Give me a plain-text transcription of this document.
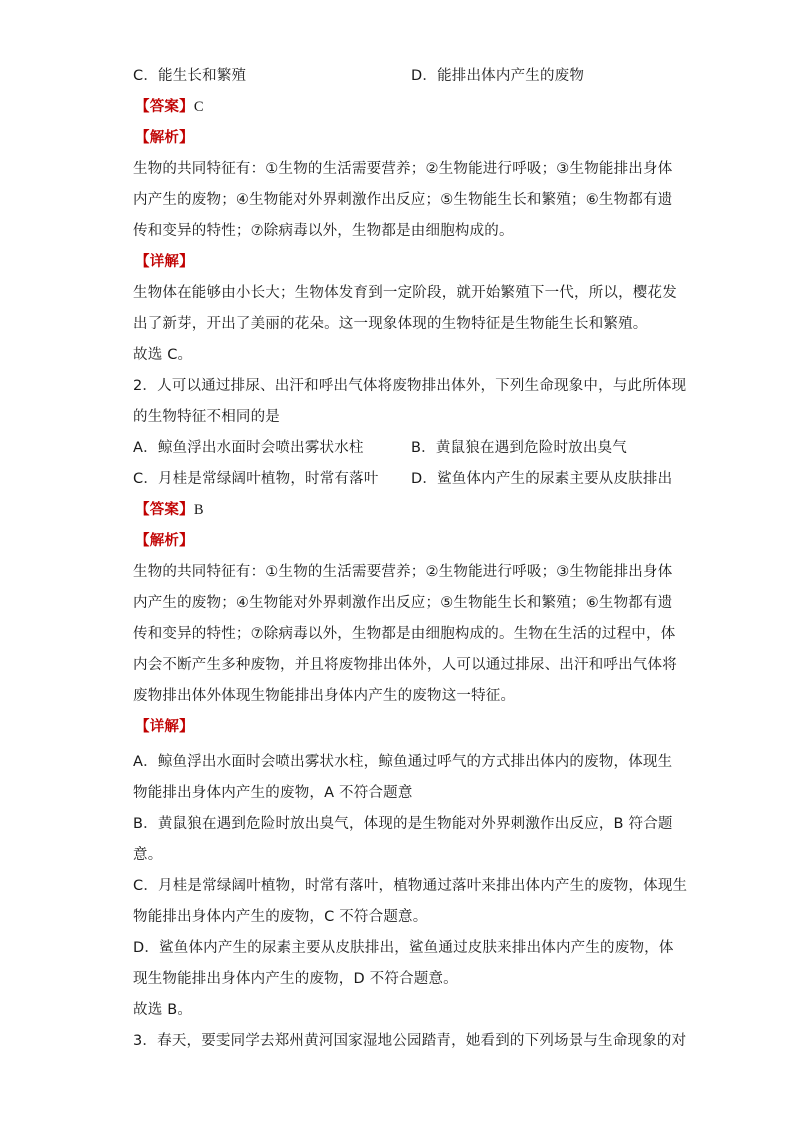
C．能生长和繁殖	D．能排出体内产生的废物
【答案】C
【解析】
生物的共同特征有：①生物的生活需要营养；②生物能进行呼吸；③生物能排出身体
内产生的废物；④生物能对外界刺激作出反应；⑤生物能生长和繁殖；⑥生物都有遗
传和变异的特性；⑦除病毒以外，生物都是由细胞构成的。
【详解】
生物体在能够由小长大；生物体发育到一定阶段，就开始繁殖下一代，所以，樱花发
出了新芽，开出了美丽的花朵。这一现象体现的生物特征是生物能生长和繁殖。
故选 C。
2．人可以通过排尿、出汗和呼出气体将废物排出体外，下列生命现象中，与此所体现
的生物特征不相同的是
A．鲸鱼浮出水面时会喷出雾状水柱	B．黄鼠狼在遇到危险时放出臭气
C．月桂是常绿阔叶植物，时常有落叶 D．鲨鱼体内产生的尿素主要从皮肤排出
【答案】B
【解析】
生物的共同特征有：①生物的生活需要营养；②生物能进行呼吸；③生物能排出身体
内产生的废物；④生物能对外界刺激作出反应；⑤生物能生长和繁殖；⑥生物都有遗
传和变异的特性；⑦除病毒以外，生物都是由细胞构成的。生物在生活的过程中，体
内会不断产生多种废物，并且将废物排出体外，人可以通过排尿、出汗和呼出气体将
废物排出体外体现生物能排出身体内产生的废物这一特征。
【详解】
A．鲸鱼浮出水面时会喷出雾状水柱，鲸鱼通过呼气的方式排出体内的废物，体现生
物能排出身体内产生的废物，A 不符合题意
B．黄鼠狼在遇到危险时放出臭气，体现的是生物能对外界刺激作出反应，B 符合题
意。
C．月桂是常绿阔叶植物，时常有落叶，植物通过落叶来排出体内产生的废物，体现生
物能排出身体内产生的废物，C 不符合题意。
D．鲨鱼体内产生的尿素主要从皮肤排出，鲨鱼通过皮肤来排出体内产生的废物，体
现生物能排出身体内产生的废物，D 不符合题意。
故选 B。
3．春天，要雯同学去郑州黄河国家湿地公园踏青，她看到的下列场景与生命现象的对
